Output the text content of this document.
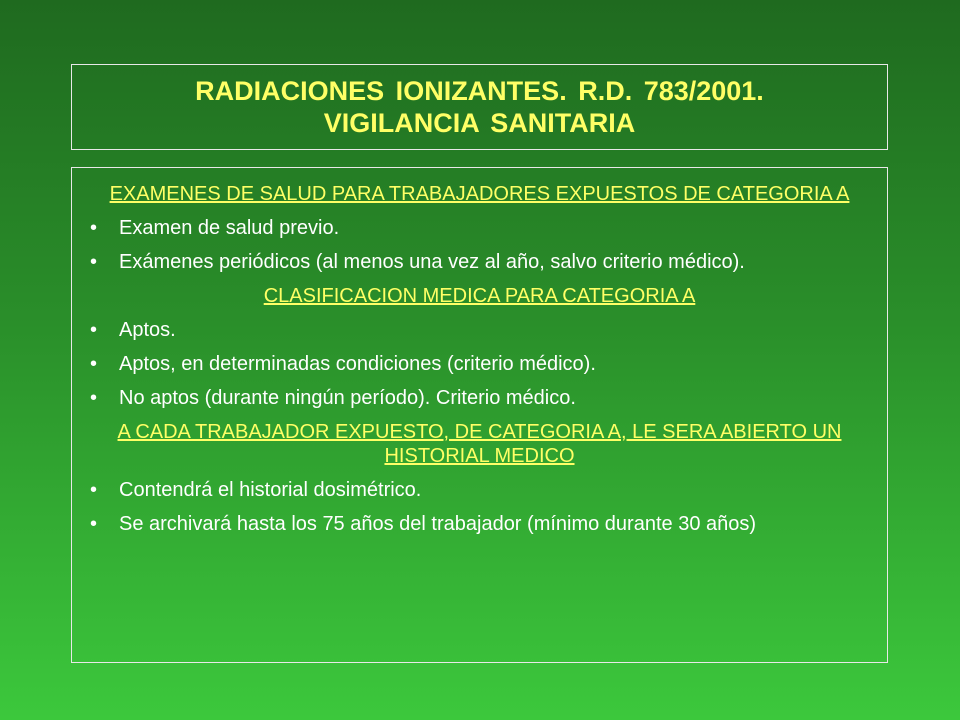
RADIACIONES IONIZANTES. R.D. 783/2001.
VIGILANCIA SANITARIA
EXAMENES DE SALUD PARA TRABAJADORES EXPUESTOS DE CATEGORIA A
• Examen de salud previo.
• Exámenes periódicos (al menos una vez al año, salvo criterio médico).
CLASIFICACION MEDICA PARA CATEGORIA A
• Aptos.
• Aptos, en determinadas condiciones (criterio médico).
• No aptos (durante ningún período). Criterio médico.
A CADA TRABAJADOR EXPUESTO, DE CATEGORIA A, LE SERA ABIERTO UN HISTORIAL MEDICO
• Contendrá el historial dosimétrico.
• Se archivará hasta los 75 años del trabajador (mínimo durante 30 años)
